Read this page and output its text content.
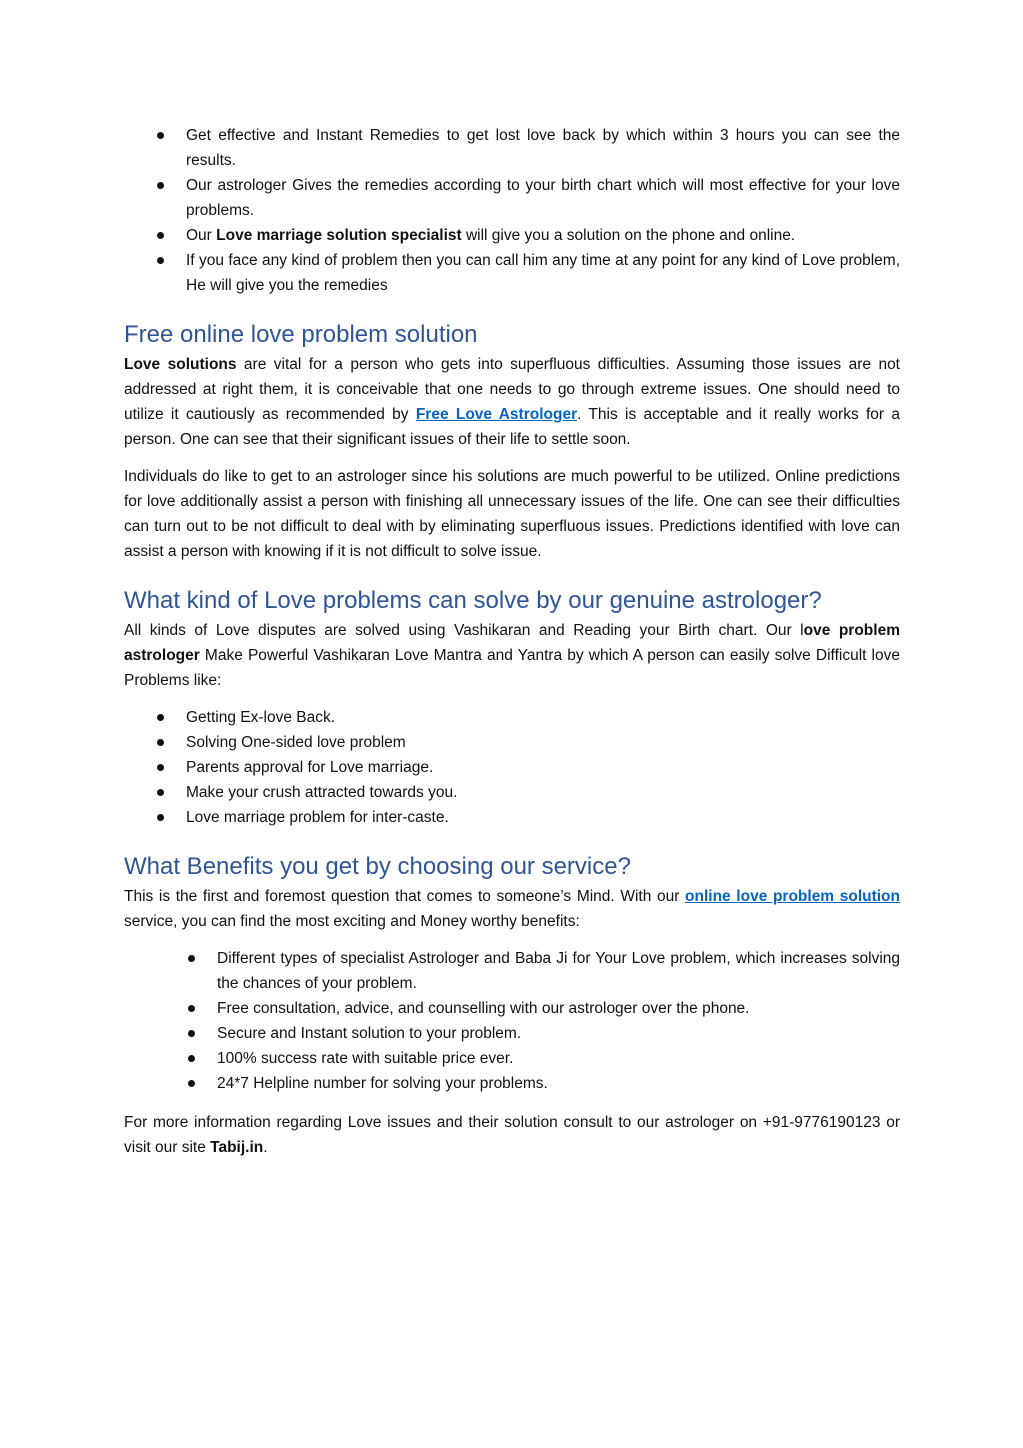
Get effective and Instant Remedies to get lost love back by which within 3 hours you can see the results.
Our astrologer Gives the remedies according to your birth chart which will most effective for your love problems.
Our Love marriage solution specialist will give you a solution on the phone and online.
If you face any kind of problem then you can call him any time at any point for any kind of Love problem, He will give you the remedies
Free online love problem solution

Love solutions are vital for a person who gets into superfluous difficulties. Assuming those issues are not addressed at right them, it is conceivable that one needs to go through extreme issues. One should need to utilize it cautiously as recommended by Free Love Astrologer. This is acceptable and it really works for a person. One can see that their significant issues of their life to settle soon.

Individuals do like to get to an astrologer since his solutions are much powerful to be utilized. Online predictions for love additionally assist a person with finishing all unnecessary issues of the life. One can see their difficulties can turn out to be not difficult to deal with by eliminating superfluous issues. Predictions identified with love can assist a person with knowing if it is not difficult to solve issue.

What kind of Love problems can solve by our genuine astrologer?

All kinds of Love disputes are solved using Vashikaran and Reading your Birth chart. Our love problem astrologer Make Powerful Vashikaran Love Mantra and Yantra by which A person can easily solve Difficult love Problems like:

Getting Ex-love Back.
Solving One-sided love problem
Parents approval for Love marriage.
Make your crush attracted towards you.
Love marriage problem for inter-caste.
What Benefits you get by choosing our service?

This is the first and foremost question that comes to someone’s Mind. With our online love problem solution service, you can find the most exciting and Money worthy benefits:

Different types of specialist Astrologer and Baba Ji for Your Love problem, which increases solving the chances of your problem.
Free consultation, advice, and counselling with our astrologer over the phone.
Secure and Instant solution to your problem.
100% success rate with suitable price ever.
24*7 Helpline number for solving your problems.

For more information regarding Love issues and their solution consult to our astrologer on +91-9776190123 or visit our site Tabij.in.
